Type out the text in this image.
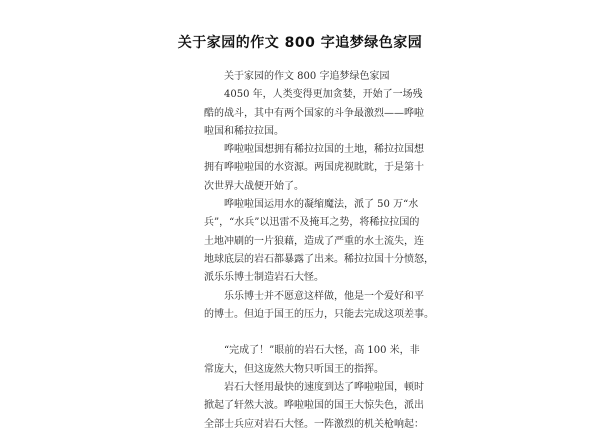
关于家园的作文 800 字追梦绿色家园
关于家园的作文 800 字追梦绿色家园
4050 年，人类变得更加贪婪，开始了一场残
酷的战斗，其中有两个国家的斗争最激烈——哗啦
啦国和稀拉拉国。
哗啦啦国想拥有稀拉拉国的土地，稀拉拉国想
拥有哗啦啦国的水资源。两国虎视眈眈，于是第十
次世界大战便开始了。
哗啦啦国运用水的凝缩魔法，派了 50 万“水
兵”，“水兵”以迅雷不及掩耳之势，将稀拉拉国的
土地冲刷的一片狼藉，造成了严重的水土流失，连
地球底层的岩石都暴露了出来。稀拉拉国十分愤怒，
派乐乐博士制造岩石大怪。
乐乐博士并不愿意这样做，他是一个爱好和平
的博士。但迫于国王的压力，只能去完成这项差事。
“完成了！”眼前的岩石大怪，高 100 米，非
常庞大，但这庞然大物只听国王的指挥。
岩石大怪用最快的速度到达了哗啦啦国，顿时
掀起了轩然大波。哗啦啦国的国王大惊失色，派出
全部士兵应对岩石大怪。一阵激烈的机关枪响起：
